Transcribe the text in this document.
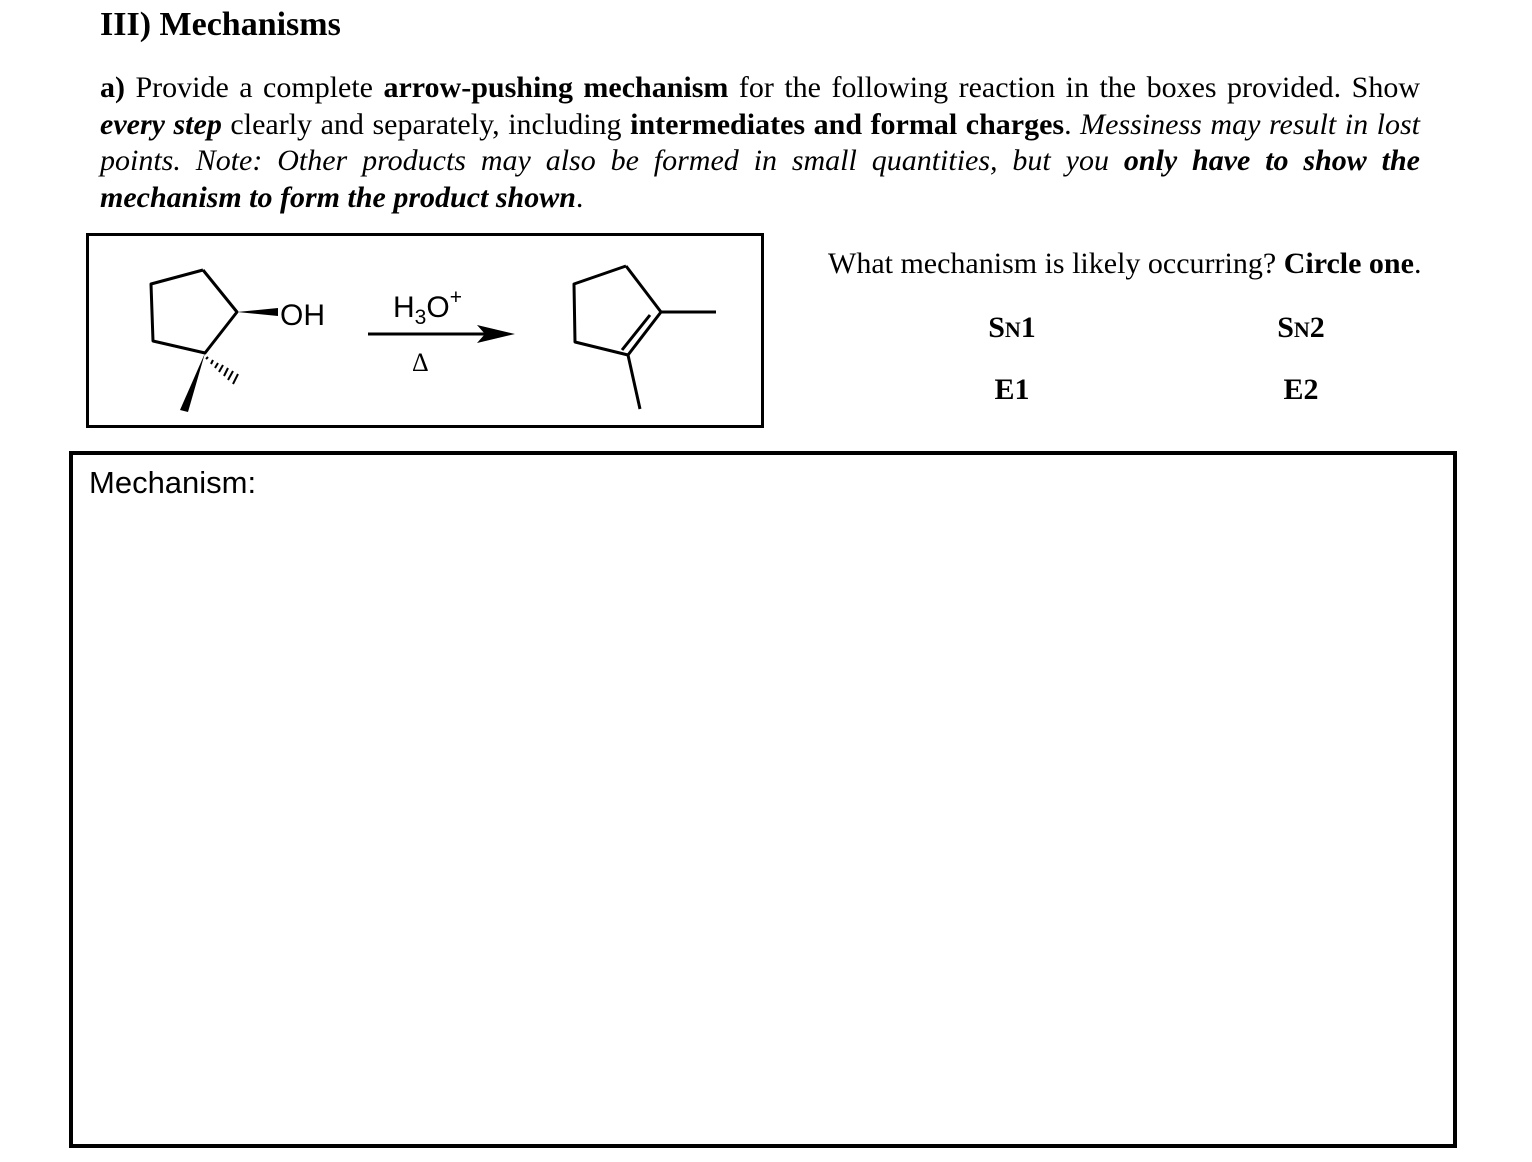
III) Mechanisms
a) Provide a complete arrow-pushing mechanism for the following reaction in the boxes provided. Show every step clearly and separately, including intermediates and formal charges. Messiness may result in lost points. Note: Other products may also be formed in small quantities, but you only have to show the mechanism to form the product shown.
OH $H_3O^+$
Δ
What mechanism is likely occurring? Circle one.
SN1	SN2
E1	E2
Mechanism:
